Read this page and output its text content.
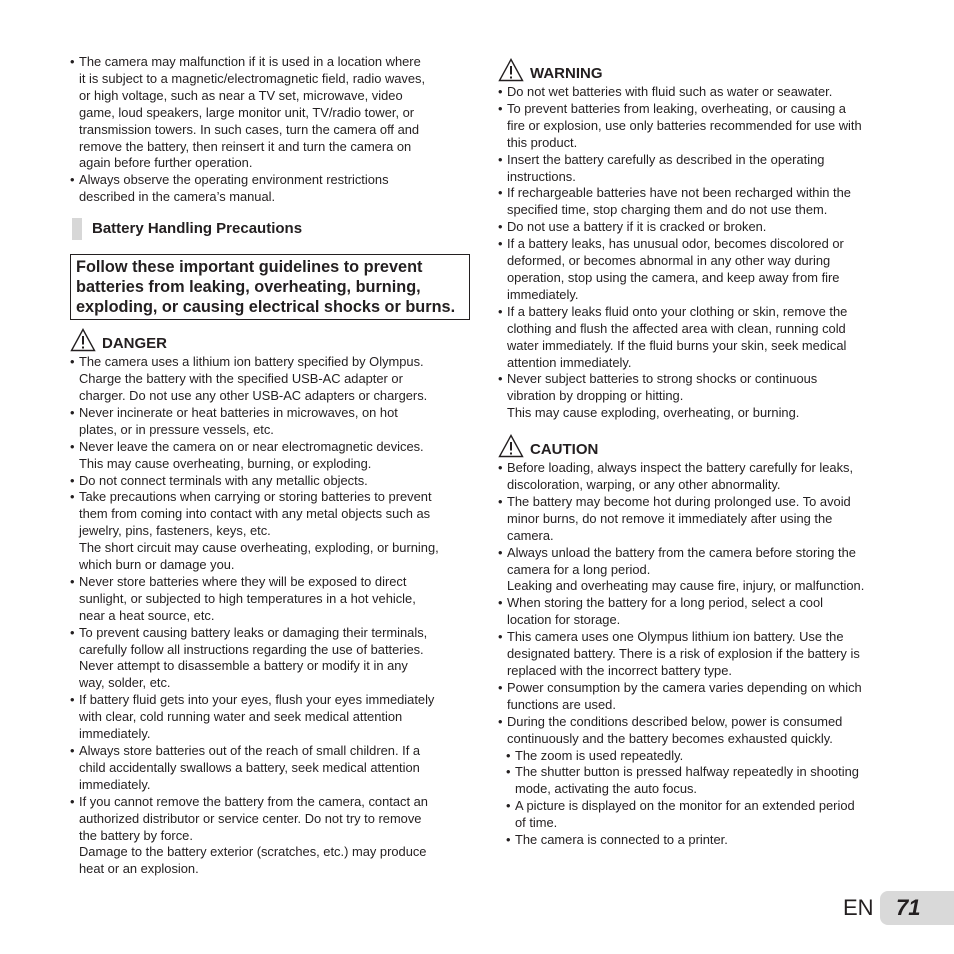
• The camera may malfunction if it is used in a location where
it is subject to a magnetic/electromagnetic field, radio waves,
or high voltage, such as near a TV set, microwave, video
game, loud speakers, large monitor unit, TV/radio tower, or
transmission towers. In such cases, turn the camera off and
remove the battery, then reinsert it and turn the camera on
again before further operation.
• Always observe the operating environment restrictions
described in the camera’s manual.
Battery Handling Precautions
Follow these important guidelines to prevent
batteries from leaking, overheating, burning,
exploding, or causing electrical shocks or burns.
DANGER
• The camera uses a lithium ion battery specified by Olympus.
Charge the battery with the specified USB-AC adapter or
charger. Do not use any other USB-AC adapters or chargers.
• Never incinerate or heat batteries in microwaves, on hot
plates, or in pressure vessels, etc.
• Never leave the camera on or near electromagnetic devices.
This may cause overheating, burning, or exploding.
• Do not connect terminals with any metallic objects.
• Take precautions when carrying or storing batteries to prevent
them from coming into contact with any metal objects such as
jewelry, pins, fasteners, keys, etc.
The short circuit may cause overheating, exploding, or burning,
which burn or damage you.
• Never store batteries where they will be exposed to direct
sunlight, or subjected to high temperatures in a hot vehicle,
near a heat source, etc.
• To prevent causing battery leaks or damaging their terminals,
carefully follow all instructions regarding the use of batteries.
Never attempt to disassemble a battery or modify it in any
way, solder, etc.
• If battery fluid gets into your eyes, flush your eyes immediately
with clear, cold running water and seek medical attention
immediately.
• Always store batteries out of the reach of small children. If a
child accidentally swallows a battery, seek medical attention
immediately.
• If you cannot remove the battery from the camera, contact an
authorized distributor or service center. Do not try to remove
the battery by force.
Damage to the battery exterior (scratches, etc.) may produce
heat or an explosion.
WARNING
• Do not wet batteries with fluid such as water or seawater.
• To prevent batteries from leaking, overheating, or causing a
fire or explosion, use only batteries recommended for use with
this product.
• Insert the battery carefully as described in the operating
instructions.
• If rechargeable batteries have not been recharged within the
specified time, stop charging them and do not use them.
• Do not use a battery if it is cracked or broken.
• If a battery leaks, has unusual odor, becomes discolored or
deformed, or becomes abnormal in any other way during
operation, stop using the camera, and keep away from fire
immediately.
• If a battery leaks fluid onto your clothing or skin, remove the
clothing and flush the affected area with clean, running cold
water immediately. If the fluid burns your skin, seek medical
attention immediately.
• Never subject batteries to strong shocks or continuous
vibration by dropping or hitting.
This may cause exploding, overheating, or burning.
CAUTION
• Before loading, always inspect the battery carefully for leaks,
discoloration, warping, or any other abnormality.
• The battery may become hot during prolonged use. To avoid
minor burns, do not remove it immediately after using the
camera.
• Always unload the battery from the camera before storing the
camera for a long period.
Leaking and overheating may cause fire, injury, or malfunction.
• When storing the battery for a long period, select a cool
location for storage.
• This camera uses one Olympus lithium ion battery. Use the
designated battery. There is a risk of explosion if the battery is
replaced with the incorrect battery type.
• Power consumption by the camera varies depending on which
functions are used.
• During the conditions described below, power is consumed
continuously and the battery becomes exhausted quickly.
• The zoom is used repeatedly.
• The shutter button is pressed halfway repeatedly in shooting
mode, activating the auto focus.
• A picture is displayed on the monitor for an extended period
of time.
• The camera is connected to a printer.
EN 71
